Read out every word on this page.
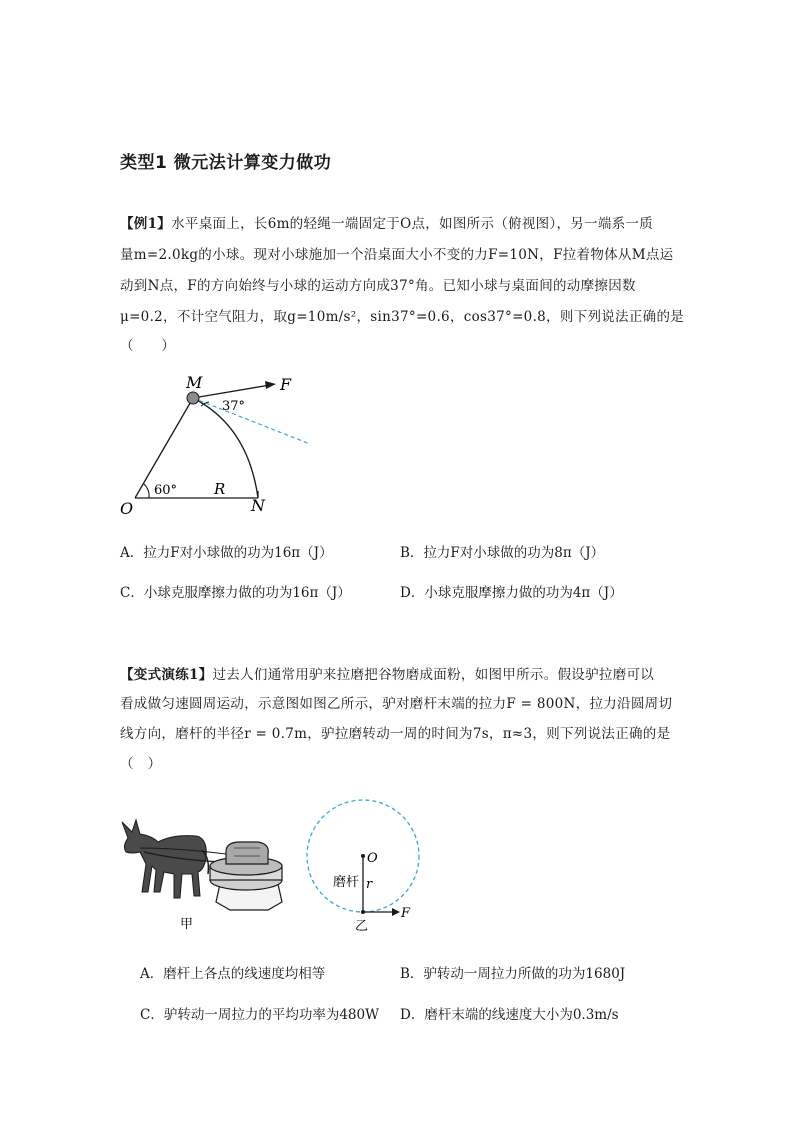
类型1 微元法计算变力做功
【例1】水平桌面上，长6m的轻绳一端固定于O点，如图所示（俯视图），另一端系一质
量m=2.0kg的小球。现对小球施加一个沿桌面大小不变的力F=10N，F拉着物体从M点运
动到N点，F的方向始终与小球的运动方向成37°角。已知小球与桌面间的动摩擦因数
μ=0.2，不计空气阻力，取g=10m/s²，sin37°=0.6，cos37°=0.8，则下列说法正确的是
（　　）
M	F
37°
60° R
O	N
A．拉力F对小球做的功为16π（J）	B．拉力F对小球做的功为8π（J）
C．小球克服摩擦力做的功为16π（J）	D．小球克服摩擦力做的功为4π（J）
【变式演练1】过去人们通常用驴来拉磨把谷物磨成面粉，如图甲所示。假设驴拉磨可以
看成做匀速圆周运动，示意图如图乙所示，驴对磨杆末端的拉力F = 800N，拉力沿圆周切
线方向，磨杆的半径r = 0.7m，驴拉磨转动一周的时间为7s，π≈3，则下列说法正确的是
（　）
甲
O
磨杆 r
F
乙
A．磨杆上各点的线速度均相等	B．驴转动一周拉力所做的功为1680J
C．驴转动一周拉力的平均功率为480W D．磨杆末端的线速度大小为0.3m/s
